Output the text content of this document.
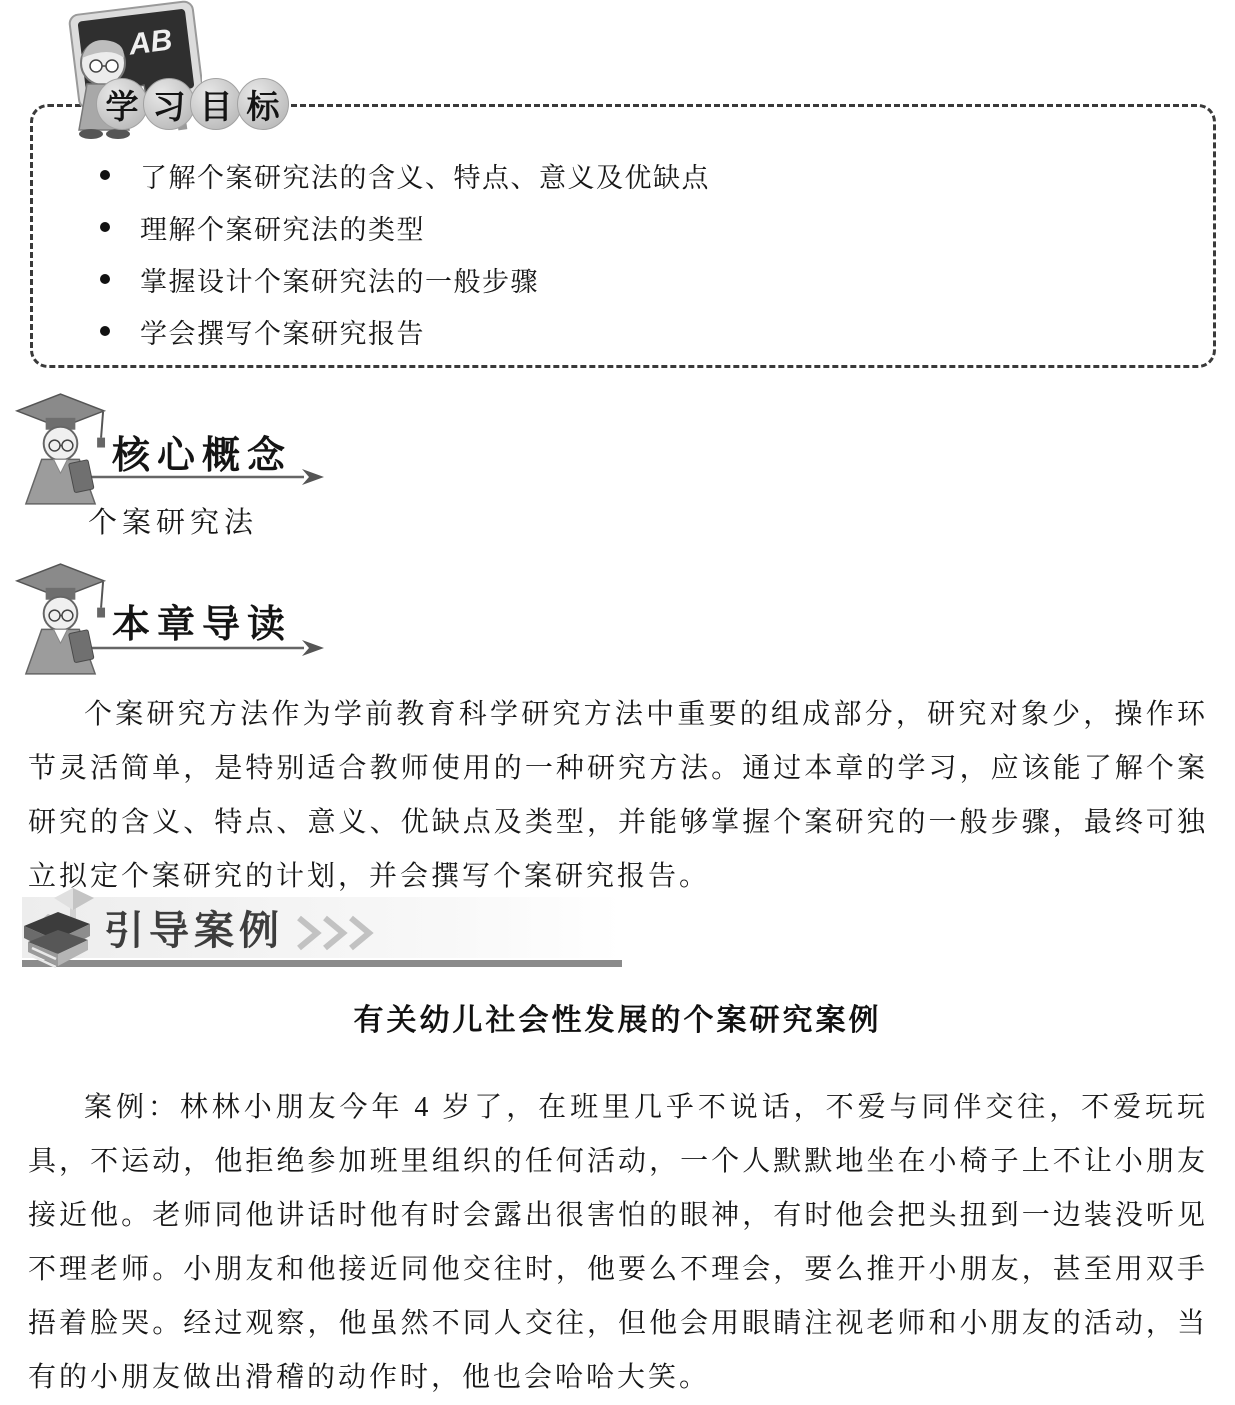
AB
学 习 目 标
了解个案研究法的含义、特点、意义及优缺点
理解个案研究法的类型
掌握设计个案研究法的一般步骤
学会撰写个案研究报告
核心概念
个案研究法
本章导读

个案研究方法作为学前教育科学研究方法中重要的组成部分，研究对象少，操作环节灵活简单，是特别适合教师使用的一种研究方法。通过本章的学习，应该能了解个案研究的含义、特点、意义、优缺点及类型，并能够掌握个案研究的一般步骤，最终可独立拟定个案研究的计划，并会撰写个案研究报告。

引导案例
有关幼儿社会性发展的个案研究案例

案例：林林小朋友今年 4 岁了，在班里几乎不说话，不爱与同伴交往，不爱玩玩具，不运动，他拒绝参加班里组织的任何活动，一个人默默地坐在小椅子上不让小朋友接近他。老师同他讲话时他有时会露出很害怕的眼神，有时他会把头扭到一边装没听见不理老师。小朋友和他接近同他交往时，他要么不理会，要么推开小朋友，甚至用双手捂着脸哭。经过观察，他虽然不同人交往，但他会用眼睛注视老师和小朋友的活动，当有的小朋友做出滑稽的动作时，他也会哈哈大笑。
